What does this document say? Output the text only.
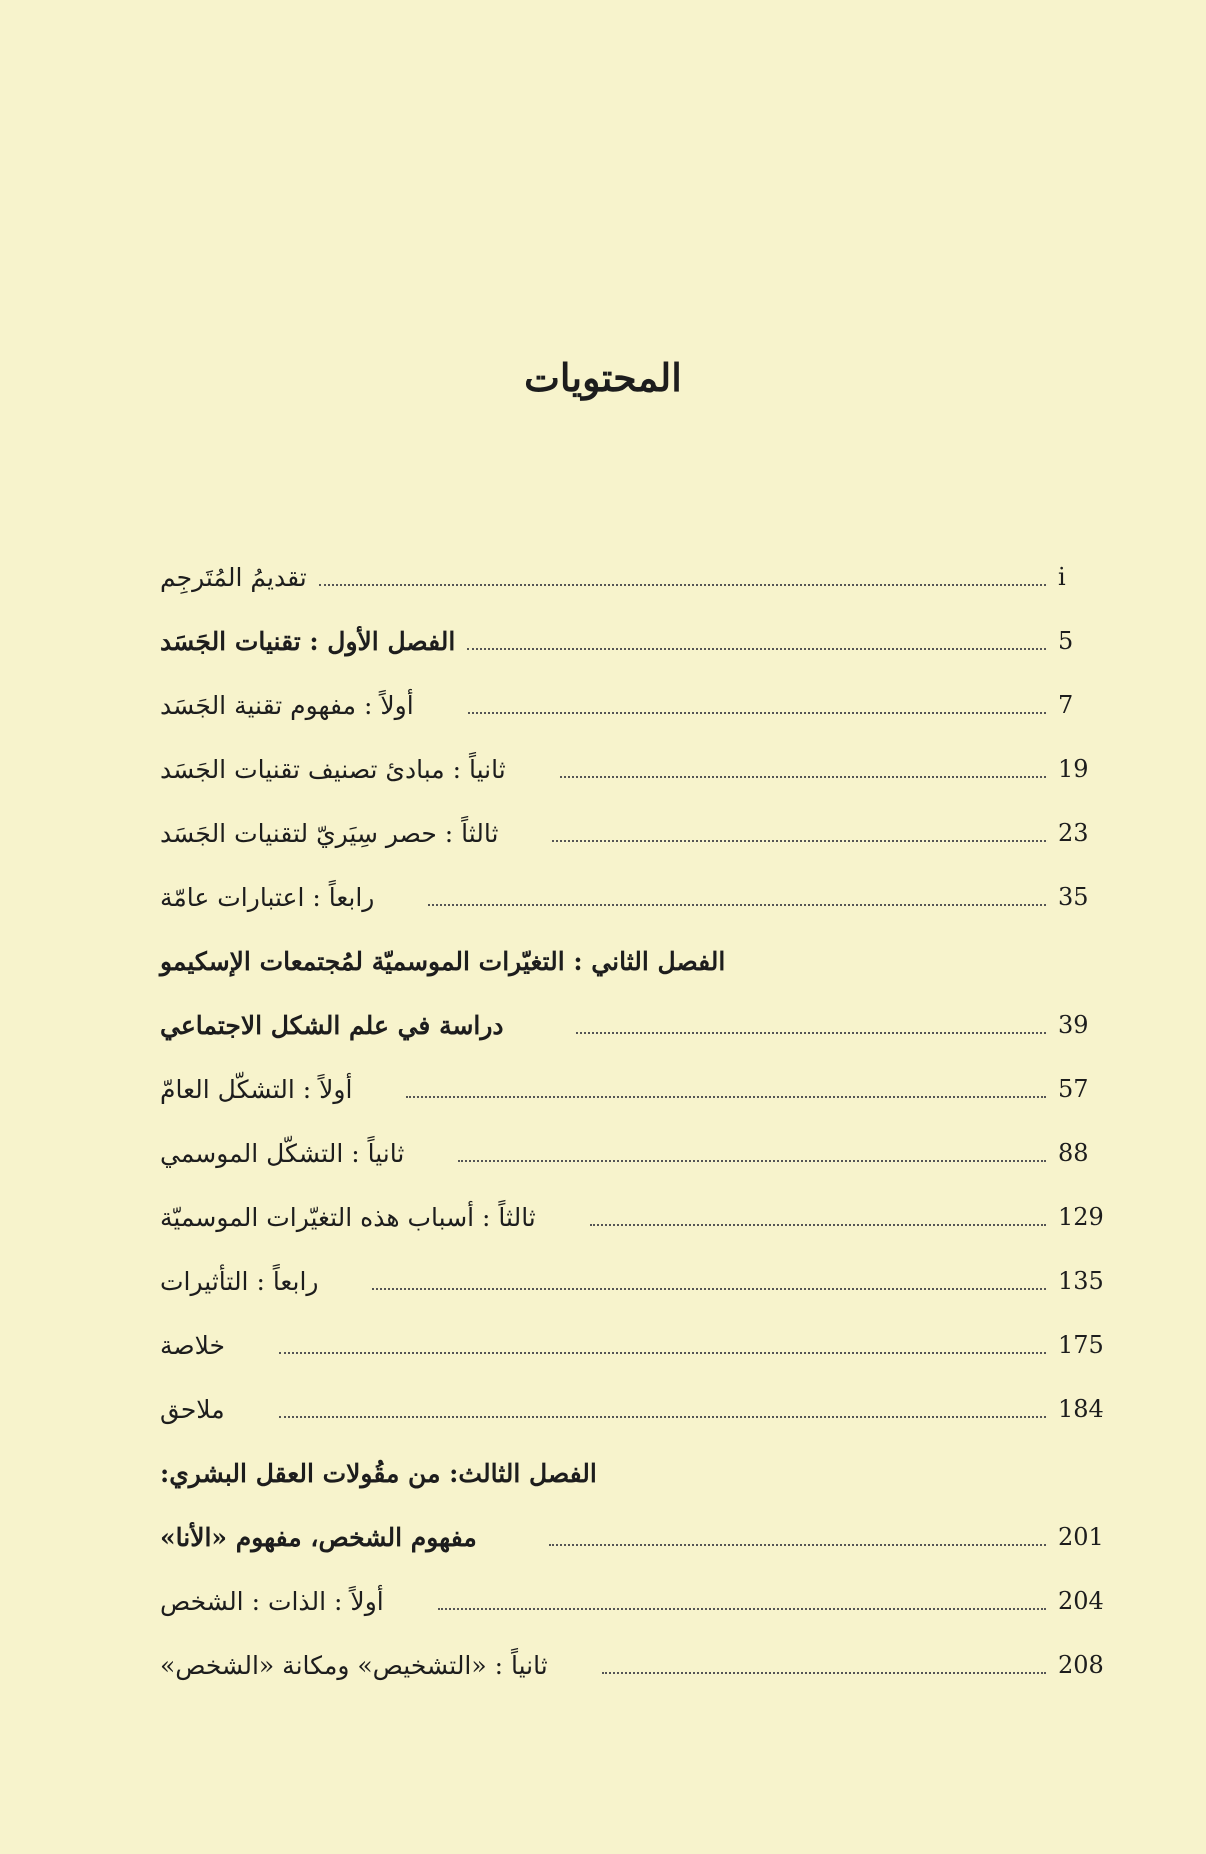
المحتويات
تقديمُ المُتَرجِم	i
الفصل الأول : تقنيات الجَسَد	5
أولاً : مفهوم تقنية الجَسَد	7
ثانياً : مبادئ تصنيف تقنيات الجَسَد	19
ثالثاً : حصر سِيَريّ لتقنيات الجَسَد	23
رابعاً : اعتبارات عامّة	35
الفصل الثاني : التغيّرات الموسميّة لمُجتمعات الإسكيمو
دراسة في علم الشكل الاجتماعي	39
أولاً : التشكّل العامّ	57
ثانياً : التشكّل الموسمي	88
ثالثاً : أسباب هذه التغيّرات الموسميّة	129
رابعاً : التأثيرات	135
خلاصة	175
ملاحق	184
الفصل الثالث: من مقُولات العقل البشري:
مفهوم الشخص، مفهوم «الأنا»	201
أولاً : الذات : الشخص	204
ثانياً : «التشخيص» ومكانة «الشخص»	208
